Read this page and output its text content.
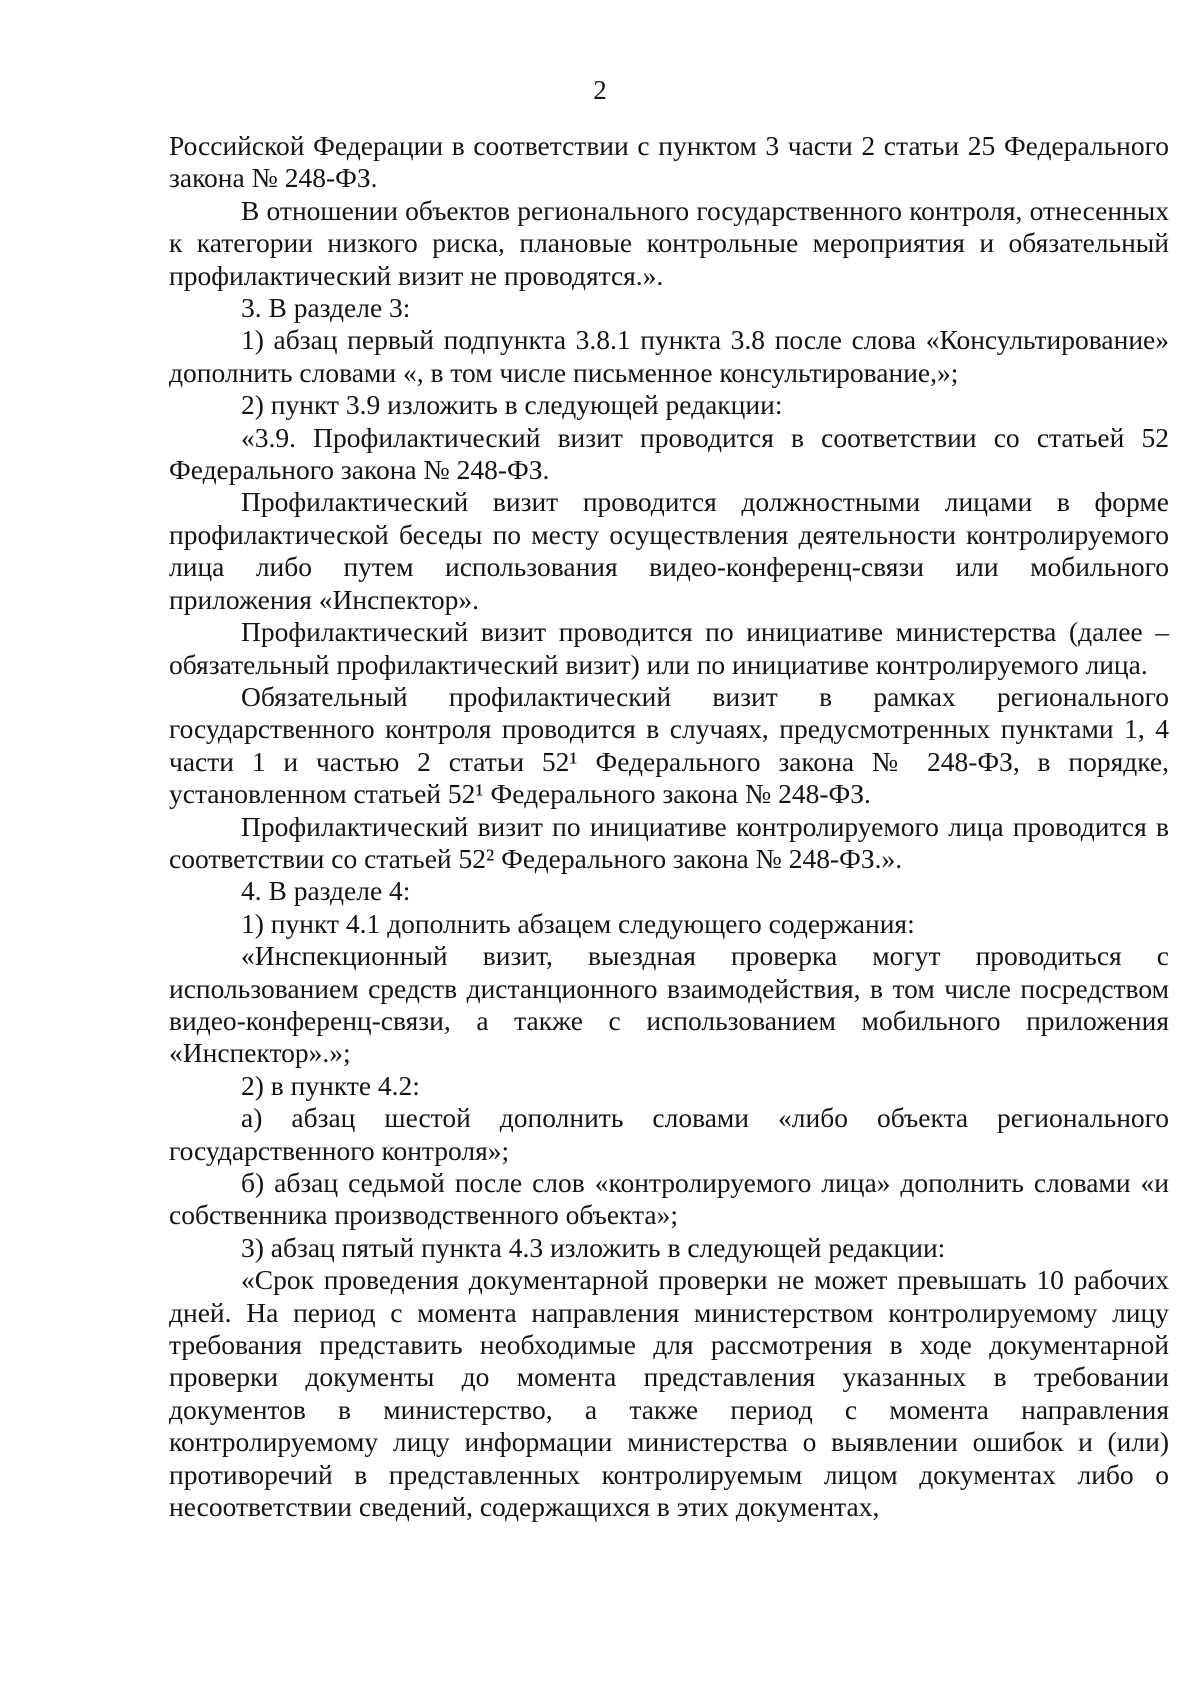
2

Российской Федерации в соответствии с пунктом 3 части 2 статьи 25 Федерального закона № 248-ФЗ.

В отношении объектов регионального государственного контроля, отнесенных к категории низкого риска, плановые контрольные мероприятия и обязательный профилактический визит не проводятся.».

3. В разделе 3:

1) абзац первый подпункта 3.8.1 пункта 3.8 после слова «Консультирование» дополнить словами «, в том числе письменное консультирование,»;

2) пункт 3.9 изложить в следующей редакции:

«3.9. Профилактический визит проводится в соответствии со статьей 52 Федерального закона № 248-ФЗ.

Профилактический визит проводится должностными лицами в форме профилактической беседы по месту осуществления деятельности контролируемого лица либо путем использования видео-конференц-связи или мобильного приложения «Инспектор».

Профилактический визит проводится по инициативе министерства (далее – обязательный профилактический визит) или по инициативе контролируемого лица.

Обязательный профилактический визит в рамках регионального государственного контроля проводится в случаях, предусмотренных пунктами 1, 4 части 1 и частью 2 статьи 52¹ Федерального закона № 248-ФЗ, в порядке, установленном статьей 52¹ Федерального закона № 248-ФЗ.

Профилактический визит по инициативе контролируемого лица проводится в соответствии со статьей 52² Федерального закона № 248-ФЗ.».

4. В разделе 4:

1) пункт 4.1 дополнить абзацем следующего содержания:

«Инспекционный визит, выездная проверка могут проводиться с использованием средств дистанционного взаимодействия, в том числе посредством видео-конференц-связи, а также с использованием мобильного приложения «Инспектор».»;

2) в пункте 4.2:

а) абзац шестой дополнить словами «либо объекта регионального государственного контроля»;

б) абзац седьмой после слов «контролируемого лица» дополнить словами «и собственника производственного объекта»;

3) абзац пятый пункта 4.3 изложить в следующей редакции:

«Срок проведения документарной проверки не может превышать 10 рабочих дней. На период с момента направления министерством контролируемому лицу требования представить необходимые для рассмотрения в ходе документарной проверки документы до момента представления указанных в требовании документов в министерство, а также период с момента направления контролируемому лицу информации министерства о выявлении ошибок и (или) противоречий в представленных контролируемым лицом документах либо о несоответствии сведений, содержащихся в этих документах,
